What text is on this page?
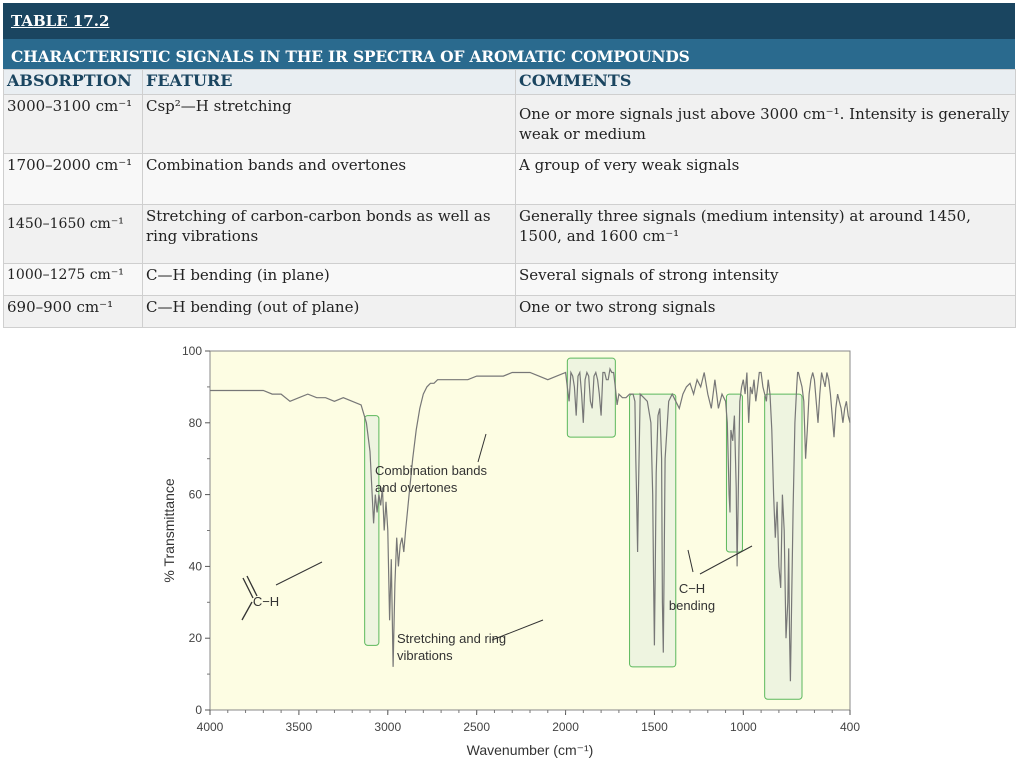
TABLE 17.2
CHARACTERISTIC SIGNALS IN THE IR SPECTRA OF AROMATIC COMPOUNDS
ABSORPTION	FEATURE	COMMENTS
3000–3100 cm⁻¹	Csp²—H stretching	One or more signals just above 3000 cm⁻¹. Intensity is generally weak or medium
1700–2000 cm⁻¹	Combination bands and overtones	A group of very weak signals
1450–1650 cm⁻¹	Stretching of carbon-carbon bonds as well as ring vibrations	Generally three signals (medium intensity) at around 1450, 1500, and 1600 cm⁻¹
1000–1275 cm⁻¹	C—H bending (in plane)	Several signals of strong intensity
690–900 cm⁻¹	C—H bending (out of plane)	One or two strong signals
0
20
40
60
80
100
4000	3500	3000	2500	2000	1500	1000	400
Wavenumber (cm⁻¹)
% Transmittance
Combination bands
and overtones
Stretching and ring
vibrations
C−H
bending
C−H
